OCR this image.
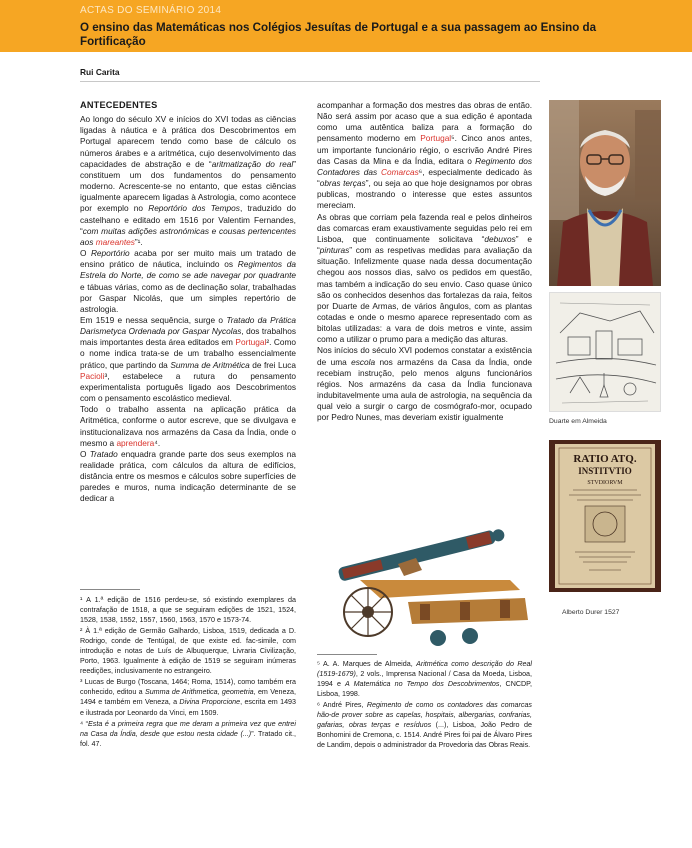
ACTAS DO SEMINÁRIO 2014
O ensino das Matemáticas nos Colégios Jesuítas de Portugal e a sua passagem ao Ensino da Fortificação
Rui Carita
ANTECEDENTES

Ao longo do século XV e inícios do XVI todas as ciências ligadas à náutica e à prática dos Descobrimentos em Portugal aparecem tendo como base de cálculo os números árabes e a aritmética, cujo desenvolvimento das capacidades de abstração e de “aritmatização do real” constituem um dos fundamentos do pensamento moderno. Acrescente-se no entanto, que estas ciências igualmente aparecem ligadas à Astrologia, como acontece por exemplo no Reportório dos Tempos, traduzido do castelhano e editado em 1516 por Valentim Fernandes, “com muitas adições astronómicas e cousas pertencentes aos mareantes”¹.

O Reportório acaba por ser muito mais um tratado de ensino prático de náutica, incluindo os Regimentos da Estrela do Norte, de como se ade navegar por quadrante e tábuas várias, como as de declinação solar, trabalhadas por Gaspar Nicolás, que um simples repertório de astrologia.

Em 1519 e nessa sequência, surge o Tratado da Prática Darismetyca Ordenada por Gaspar Nycolas, dos trabalhos mais importantes desta área editados em Portugal². Como o nome indica trata-se de um trabalho essencialmente prático, que partindo da Summa de Aritmética de frei Luca Pacioli³, estabelece a rutura do pensamento experimentalista português ligado aos Descobrimentos com o pensamento escolástico medieval.

Todo o trabalho assenta na aplicação prática da Aritmética, conforme o autor escreve, que se divulgava e institucionalizava nos armazéns da Casa da Índia, onde o mesmo a aprendera⁴.

O Tratado enquadra grande parte dos seus exemplos na realidade prática, com cálculos da altura de edifícios, distância entre os mesmos e cálculos sobre superfícies de paredes e muros, numa indicação determinante de se dedicar a

acompanhar a formação dos mestres das obras de então. Não será assim por acaso que a sua edição é apontada como uma autêntica baliza para a formação do pensamento moderno em Portugal⁵. Cinco anos antes, um importante funcionário régio, o escrivão André Pires das Casas da Mina e da Índia, editara o Regimento dos Contadores das Comarcas⁶, especialmente dedicado às “obras terças”, ou seja ao que hoje designamos por obras publicas, mostrando o interesse que estes assuntos mereciam.

As obras que corriam pela fazenda real e pelos dinheiros das comarcas eram exaustivamente seguidas pelo rei em Lisboa, que continuamente solicitava “debuxos” e “pinturas” com as respetivas medidas para avaliação da situação. Infelizmente quase nada dessa documentação chegou aos nossos dias, salvo os pedidos em questão, mas também a indicação do seu envio. Caso quase único são os conhecidos desenhos das fortalezas da raia, feitos por Duarte de Armas, de vários ângulos, com as plantas cotadas e onde o mesmo aparece representado com as bitolas utilizadas: a vara de dois metros e vinte, assim como a utilizar o prumo para a medição das alturas.

Nos inícios do século XVI podemos constatar a existência de uma escola nos armazéns da Casa da Índia, onde recebiam instrução, pelo menos alguns funcionários régios. Nos armazéns da casa da Índia funcionava indubitavelmente uma aula de astrologia, na sequência da qual veio a surgir o cargo de cosmógrafo-mor, ocupado por Pedro Nunes, mas deveriam existir igualmente

¹ A 1.ª edição de 1516 perdeu-se, só existindo exemplares da contrafação de 1518, a que se seguiram edições de 1521, 1524, 1528, 1538, 1552, 1557, 1560, 1563, 1570 e 1573-74.

² À 1.ª edição de Germão Galhardo, Lisboa, 1519, dedicada a D. Rodrigo, conde de Tentúgal, de que existe ed. fac-simile, com introdução e notas de Luís de Albuquerque, Livraria Civilização, Porto, 1963. Igualmente à edição de 1519 se seguiram inúmeras reedições, inclusivamente no estrangeiro.

³ Lucas de Burgo (Toscana, 1464; Roma, 1514), como também era conhecido, editou a Summa de Arithmetica, geometria, em Veneza, 1494 e também em Veneza, a Divina Proporcione, escrita em 1493 e ilustrada por Leonardo da Vinci, em 1509.

⁴ “Esta é a primeira regra que me deram a primeira vez que entrei na Casa da Índia, desde que estou nesta cidade (...)”. Tratado cit., fol. 47.

⁵ A. A. Marques de Almeida, Aritmética como descrição do Real (1519-1679), 2 vols., Imprensa Nacional / Casa da Moeda, Lisboa, 1994 e A Matemática no Tempo dos Descobrimentos, CNCDP, Lisboa, 1998.

⁶ André Pires, Regimento de como os contadores das comarcas hão-de prover sobre as capelas, hospitais, albergarias, confrarias, gafarias, obras terças e resíduos (...), Lisboa, João Pedro de Bonhomini de Cremona, c. 1514. André Pires foi pai de Álvaro Pires de Landim, depois o administrador da Provedoria das Obras Reais.

Duarte em Almeida
RATIO ATQ.
INSTITVTIO
STVDIORVM
Alberto Durer 1527
